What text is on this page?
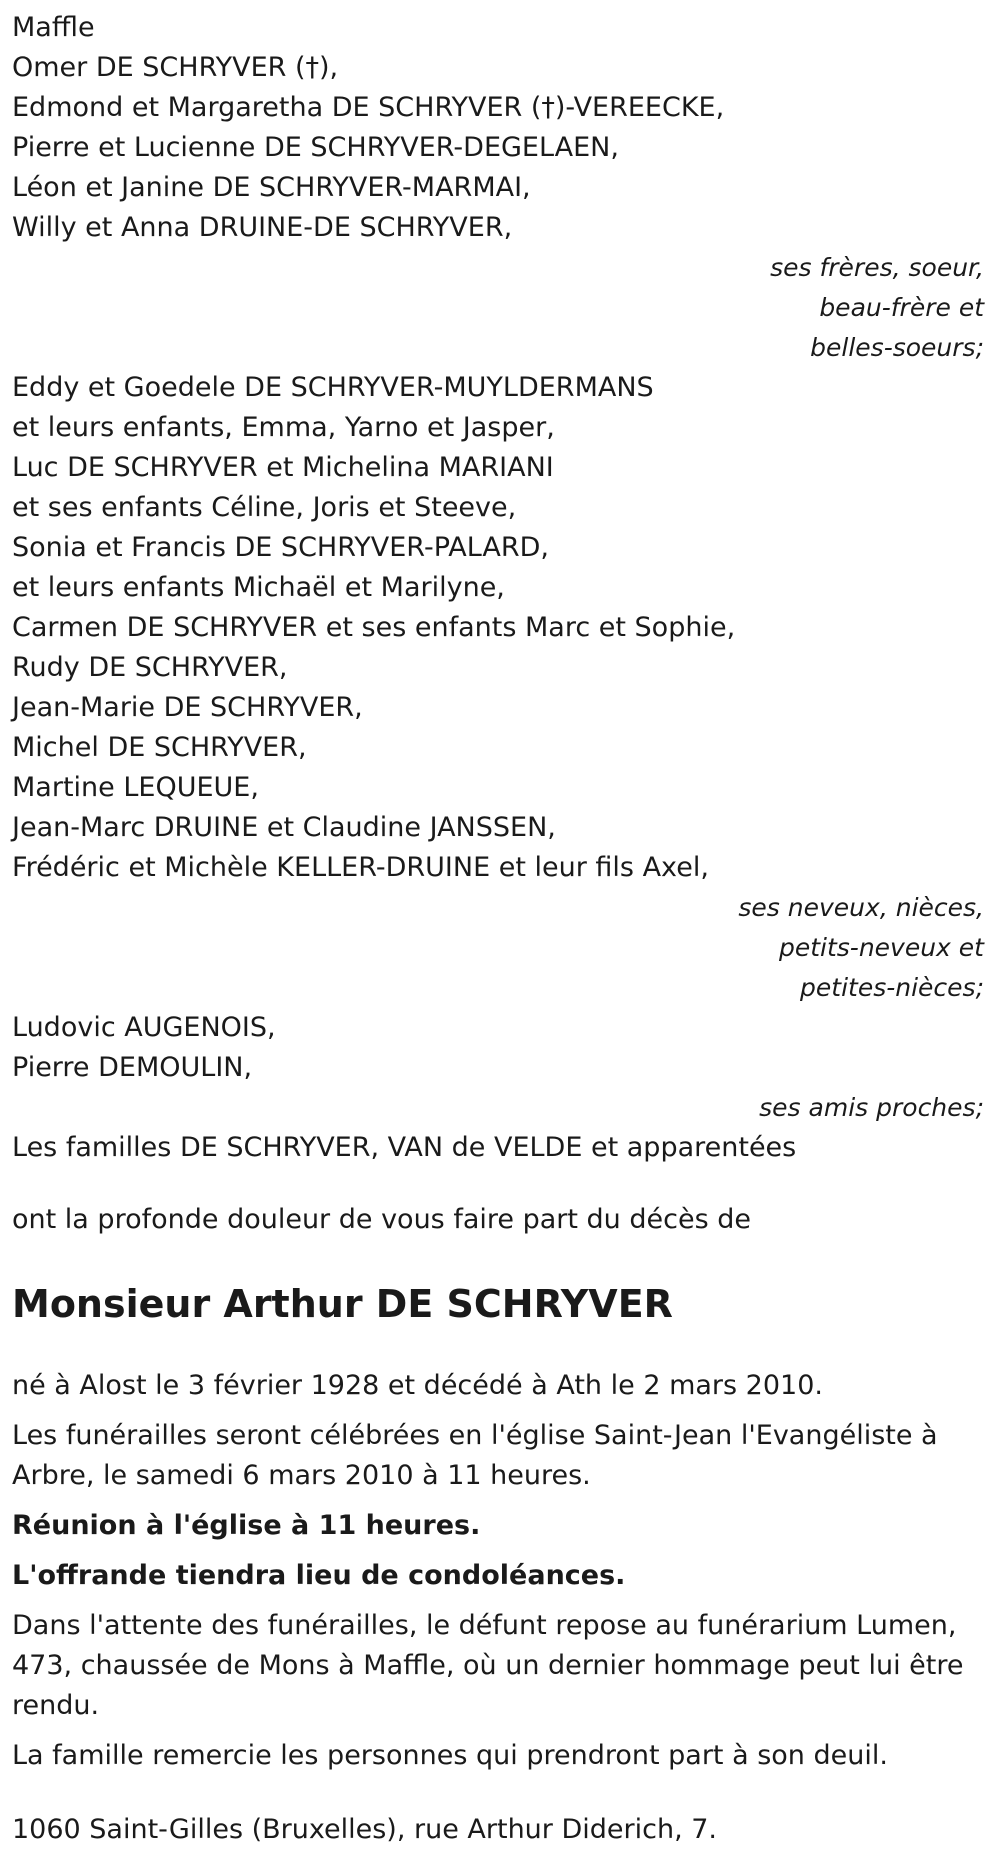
Maffle

Omer DE SCHRYVER (†),

Edmond et Margaretha DE SCHRYVER (†)-VEREECKE,

Pierre et Lucienne DE SCHRYVER-DEGELAEN,

Léon et Janine DE SCHRYVER-MARMAI,

Willy et Anna DRUINE-DE SCHRYVER,

ses frères, soeur,

beau-frère et

belles-soeurs;

Eddy et Goedele DE SCHRYVER-MUYLDERMANS

et leurs enfants, Emma, Yarno et Jasper,

Luc DE SCHRYVER et Michelina MARIANI

et ses enfants Céline, Joris et Steeve,

Sonia et Francis DE SCHRYVER-PALARD,

et leurs enfants Michaël et Marilyne,

Carmen DE SCHRYVER et ses enfants Marc et Sophie,

Rudy DE SCHRYVER,

Jean-Marie DE SCHRYVER,

Michel DE SCHRYVER,

Martine LEQUEUE,

Jean-Marc DRUINE et Claudine JANSSEN,

Frédéric et Michèle KELLER-DRUINE et leur fils Axel,

ses neveux, nièces,

petits-neveux et

petites-nièces;

Ludovic AUGENOIS,

Pierre DEMOULIN,

ses amis proches;

Les familles DE SCHRYVER, VAN de VELDE et apparentées

ont la profonde douleur de vous faire part du décès de

Monsieur Arthur DE SCHRYVER

né à Alost le 3 février 1928 et décédé à Ath le 2 mars 2010.

Les funérailles seront célébrées en l'église Saint-Jean l'Evangéliste à Arbre, le samedi 6 mars 2010 à 11 heures.

Réunion à l'église à 11 heures.

L'offrande tiendra lieu de condoléances.

Dans l'attente des funérailles, le défunt repose au funérarium Lumen, 473, chaussée de Mons à Maffle, où un dernier hommage peut lui être rendu.

La famille remercie les personnes qui prendront part à son deuil.

1060 Saint-Gilles (Bruxelles), rue Arthur Diderich, 7.
